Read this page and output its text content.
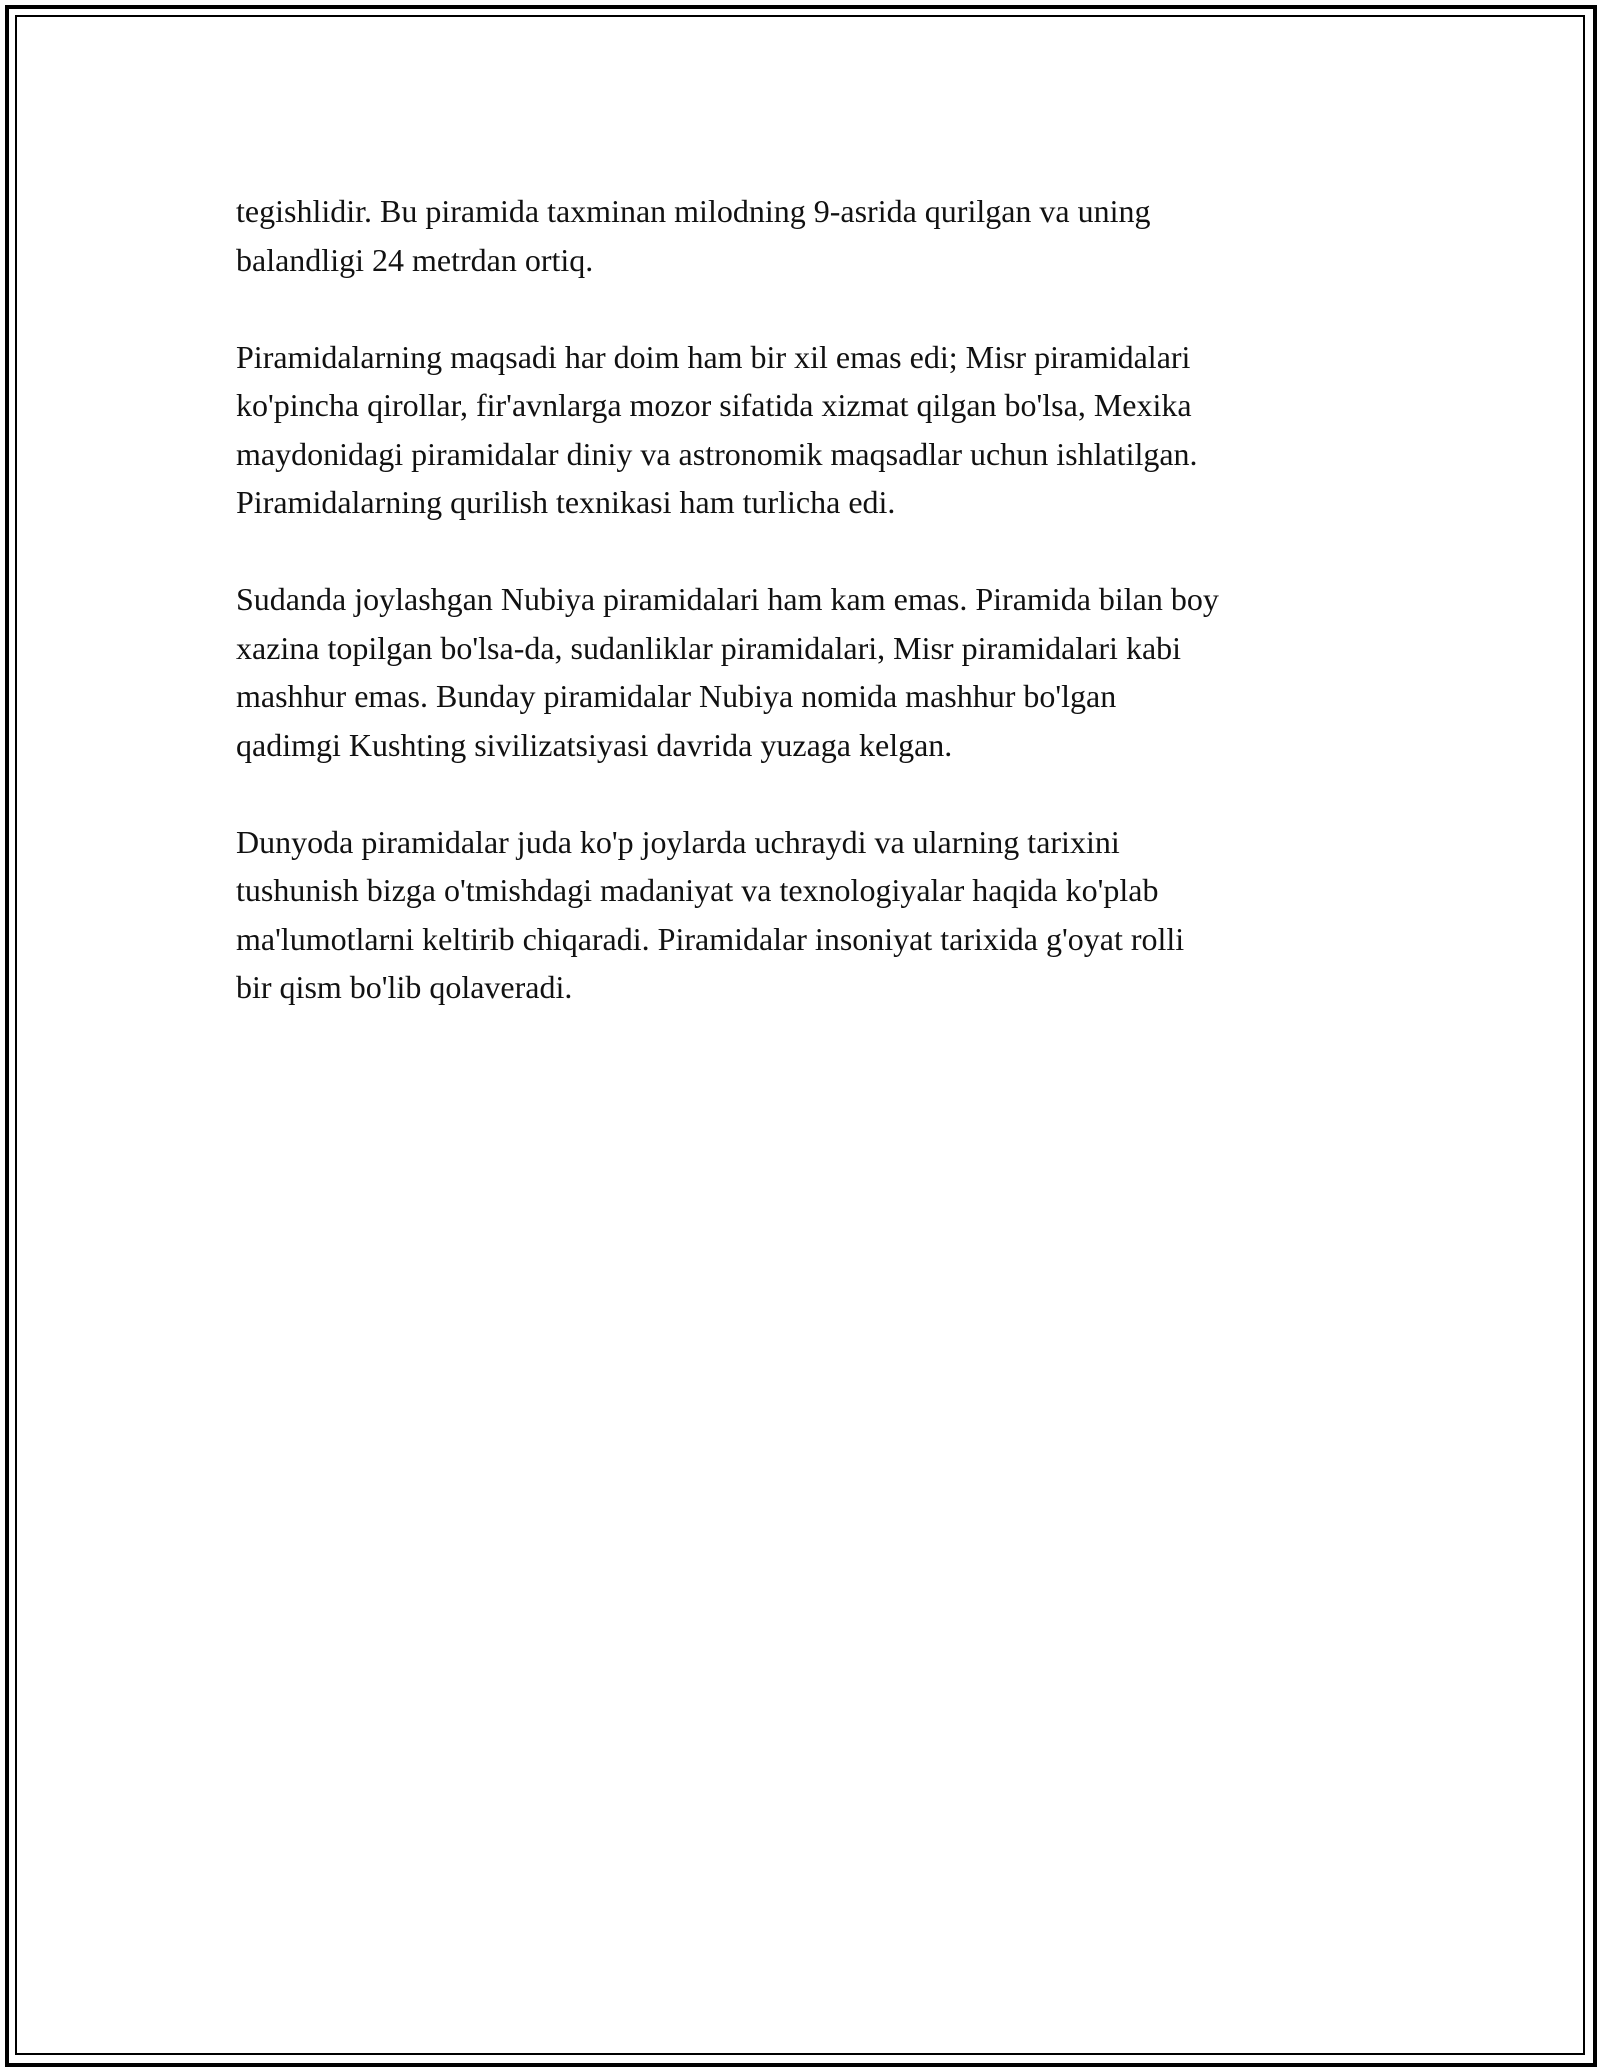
tegishlidir. Bu piramida taxminan milodning 9-asrida qurilgan va uning
balandligi 24 metrdan ortiq.

Piramidalarning maqsadi har doim ham bir xil emas edi; Misr piramidalari
ko'pincha qirollar, fir'avnlarga mozor sifatida xizmat qilgan bo'lsa, Mexika
maydonidagi piramidalar diniy va astronomik maqsadlar uchun ishlatilgan.
Piramidalarning qurilish texnikasi ham turlicha edi.

Sudanda joylashgan Nubiya piramidalari ham kam emas. Piramida bilan boy
xazina topilgan bo'lsa-da, sudanliklar piramidalari, Misr piramidalari kabi
mashhur emas. Bunday piramidalar Nubiya nomida mashhur bo'lgan
qadimgi Kushting sivilizatsiyasi davrida yuzaga kelgan.

Dunyoda piramidalar juda ko'p joylarda uchraydi va ularning tarixini
tushunish bizga o'tmishdagi madaniyat va texnologiyalar haqida ko'plab
ma'lumotlarni keltirib chiqaradi. Piramidalar insoniyat tarixida g'oyat rolli
bir qism bo'lib qolaveradi.
